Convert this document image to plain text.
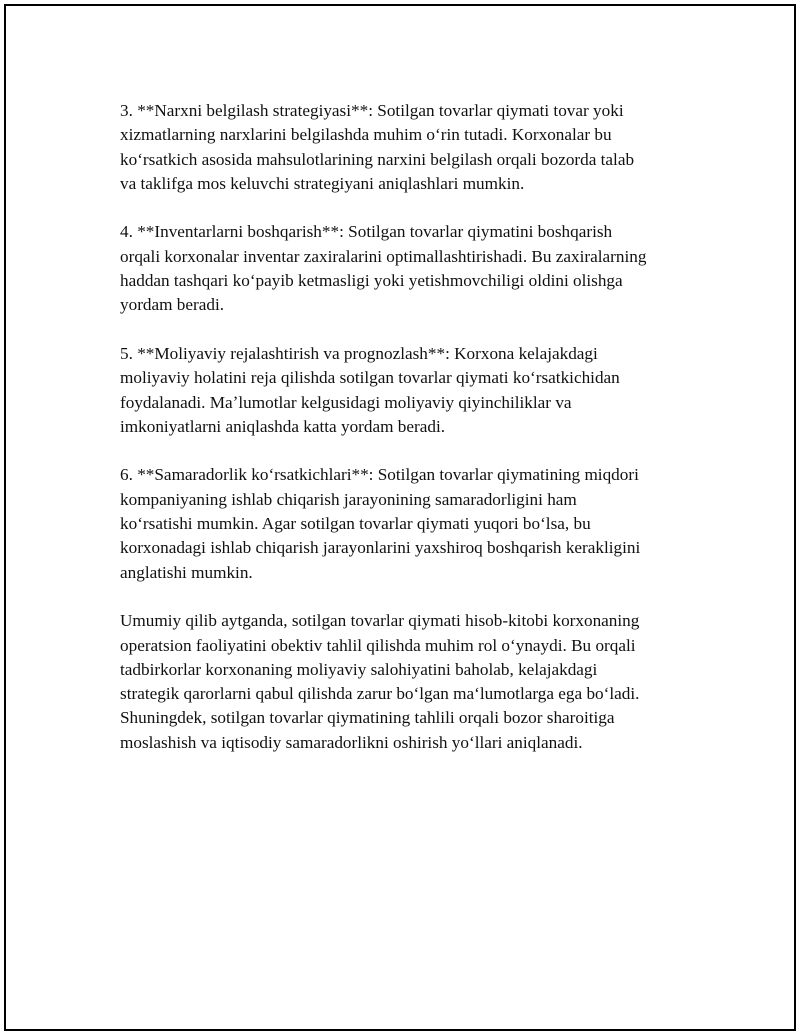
3. **Narxni belgilash strategiyasi**: Sotilgan tovarlar qiymati tovar yoki
xizmatlarning narxlarini belgilashda muhim oʻrin tutadi. Korxonalar bu
koʻrsatkich asosida mahsulotlarining narxini belgilash orqali bozorda talab
va taklifga mos keluvchi strategiyani aniqlashlari mumkin.

4. **Inventarlarni boshqarish**: Sotilgan tovarlar qiymatini boshqarish
orqali korxonalar inventar zaxiralarini optimallashtirishadi. Bu zaxiralarning
haddan tashqari koʻpayib ketmasligi yoki yetishmovchiligi oldini olishga
yordam beradi.

5. **Moliyaviy rejalashtirish va prognozlash**: Korxona kelajakdagi
moliyaviy holatini reja qilishda sotilgan tovarlar qiymati koʻrsatkichidan
foydalanadi. Maʼlumotlar kelgusidagi moliyaviy qiyinchiliklar va
imkoniyatlarni aniqlashda katta yordam beradi.

6. **Samaradorlik koʻrsatkichlari**: Sotilgan tovarlar qiymatining miqdori
kompaniyaning ishlab chiqarish jarayonining samaradorligini ham
koʻrsatishi mumkin. Agar sotilgan tovarlar qiymati yuqori boʻlsa, bu
korxonadagi ishlab chiqarish jarayonlarini yaxshiroq boshqarish kerakligini
anglatishi mumkin.

Umumiy qilib aytganda, sotilgan tovarlar qiymati hisob-kitobi korxonaning
operatsion faoliyatini obektiv tahlil qilishda muhim rol oʻynaydi. Bu orqali
tadbirkorlar korxonaning moliyaviy salohiyatini baholab, kelajakdagi
strategik qarorlarni qabul qilishda zarur boʻlgan maʻlumotlarga ega boʻladi.
Shuningdek, sotilgan tovarlar qiymatining tahlili orqali bozor sharoitiga
moslashish va iqtisodiy samaradorlikni oshirish yoʻllari aniqlanadi.
